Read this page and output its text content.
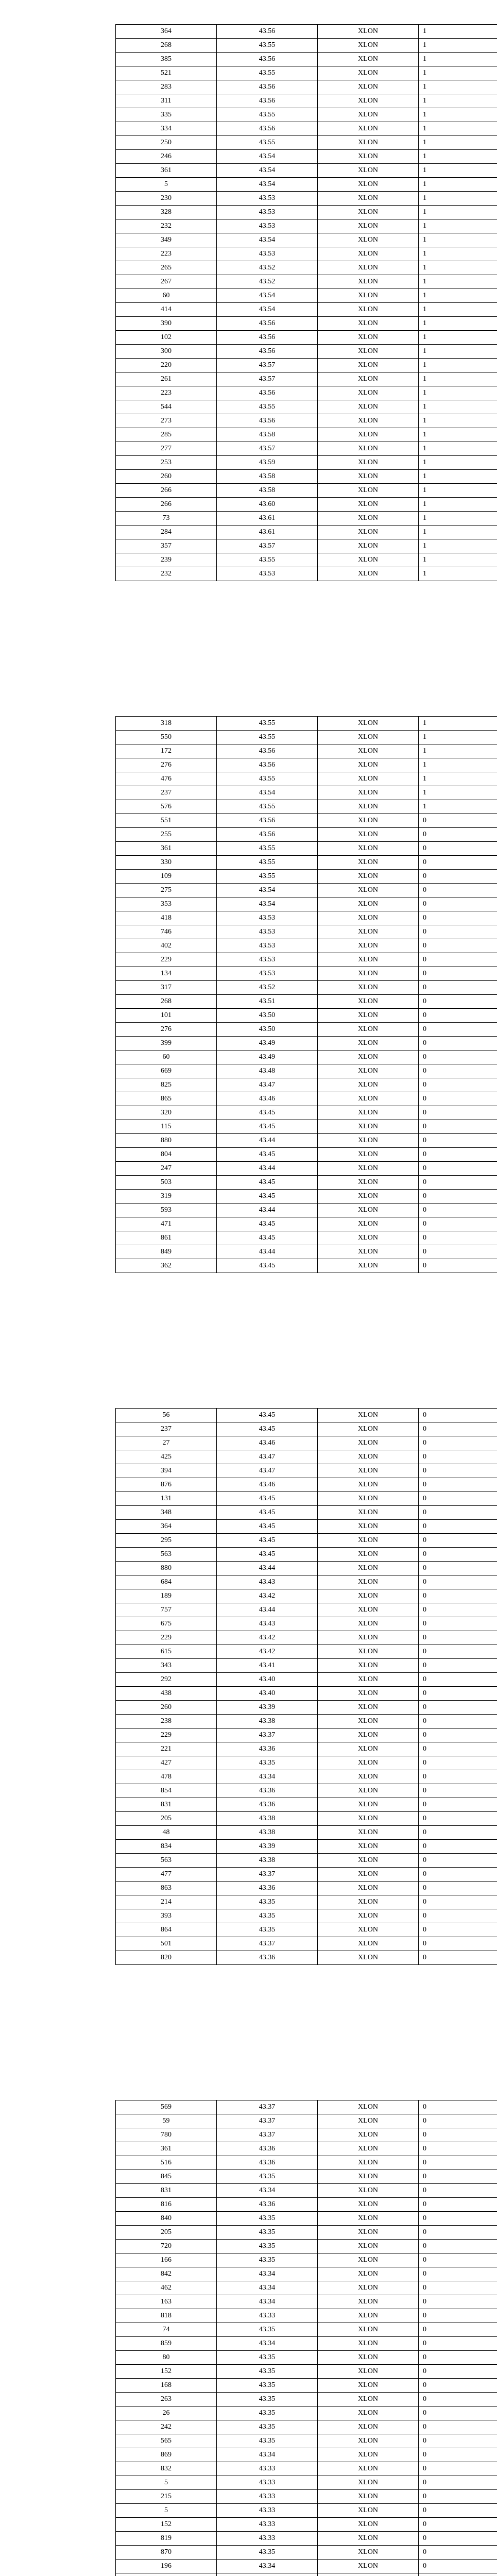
364	43.56	XLON	1
268	43.55	XLON	1
385	43.56	XLON	1
521	43.55	XLON	1
283	43.56	XLON	1
311	43.56	XLON	1
335	43.55	XLON	1
334	43.56	XLON	1
250	43.55	XLON	1
246	43.54	XLON	1
361	43.54	XLON	1
5	43.54	XLON	1
230	43.53	XLON	1
328	43.53	XLON	1
232	43.53	XLON	1
349	43.54	XLON	1
223	43.53	XLON	1
265	43.52	XLON	1
267	43.52	XLON	1
60	43.54	XLON	1
414	43.54	XLON	1
390	43.56	XLON	1
102	43.56	XLON	1
300	43.56	XLON	1
220	43.57	XLON	1
261	43.57	XLON	1
223	43.56	XLON	1
544	43.55	XLON	1
273	43.56	XLON	1
285	43.58	XLON	1
277	43.57	XLON	1
253	43.59	XLON	1
260	43.58	XLON	1
266	43.58	XLON	1
266	43.60	XLON	1
73	43.61	XLON	1
284	43.61	XLON	1
357	43.57	XLON	1
239	43.55	XLON	1
232	43.53	XLON	1
318	43.55	XLON	1
550	43.55	XLON	1
172	43.56	XLON	1
276	43.56	XLON	1
476	43.55	XLON	1
237	43.54	XLON	1
576	43.55	XLON	1
551	43.56	XLON	0
255	43.56	XLON	0
361	43.55	XLON	0
330	43.55	XLON	0
109	43.55	XLON	0
275	43.54	XLON	0
353	43.54	XLON	0
418	43.53	XLON	0
746	43.53	XLON	0
402	43.53	XLON	0
229	43.53	XLON	0
134	43.53	XLON	0
317	43.52	XLON	0
268	43.51	XLON	0
101	43.50	XLON	0
276	43.50	XLON	0
399	43.49	XLON	0
60	43.49	XLON	0
669	43.48	XLON	0
825	43.47	XLON	0
865	43.46	XLON	0
320	43.45	XLON	0
115	43.45	XLON	0
880	43.44	XLON	0
804	43.45	XLON	0
247	43.44	XLON	0
503	43.45	XLON	0
319	43.45	XLON	0
593	43.44	XLON	0
471	43.45	XLON	0
861	43.45	XLON	0
849	43.44	XLON	0
362	43.45	XLON	0
56	43.45	XLON	0
237	43.45	XLON	0
27	43.46	XLON	0
425	43.47	XLON	0
394	43.47	XLON	0
876	43.46	XLON	0
131	43.45	XLON	0
348	43.45	XLON	0
364	43.45	XLON	0
295	43.45	XLON	0
563	43.45	XLON	0
880	43.44	XLON	0
684	43.43	XLON	0
189	43.42	XLON	0
757	43.44	XLON	0
675	43.43	XLON	0
229	43.42	XLON	0
615	43.42	XLON	0
343	43.41	XLON	0
292	43.40	XLON	0
438	43.40	XLON	0
260	43.39	XLON	0
238	43.38	XLON	0
229	43.37	XLON	0
221	43.36	XLON	0
427	43.35	XLON	0
478	43.34	XLON	0
854	43.36	XLON	0
831	43.36	XLON	0
205	43.38	XLON	0
48	43.38	XLON	0
834	43.39	XLON	0
563	43.38	XLON	0
477	43.37	XLON	0
863	43.36	XLON	0
214	43.35	XLON	0
393	43.35	XLON	0
864	43.35	XLON	0
501	43.37	XLON	0
820	43.36	XLON	0
569	43.37	XLON	0
59	43.37	XLON	0
780	43.37	XLON	0
361	43.36	XLON	0
516	43.36	XLON	0
845	43.35	XLON	0
831	43.34	XLON	0
816	43.36	XLON	0
840	43.35	XLON	0
205	43.35	XLON	0
720	43.35	XLON	0
166	43.35	XLON	0
842	43.34	XLON	0
462	43.34	XLON	0
163	43.34	XLON	0
818	43.33	XLON	0
74	43.35	XLON	0
859	43.34	XLON	0
80	43.35	XLON	0
152	43.35	XLON	0
168	43.35	XLON	0
263	43.35	XLON	0
26	43.35	XLON	0
242	43.35	XLON	0
565	43.35	XLON	0
869	43.34	XLON	0
832	43.33	XLON	0
5	43.33	XLON	0
215	43.33	XLON	0
5	43.33	XLON	0
152	43.33	XLON	0
819	43.33	XLON	0
870	43.35	XLON	0
196	43.34	XLON	0
